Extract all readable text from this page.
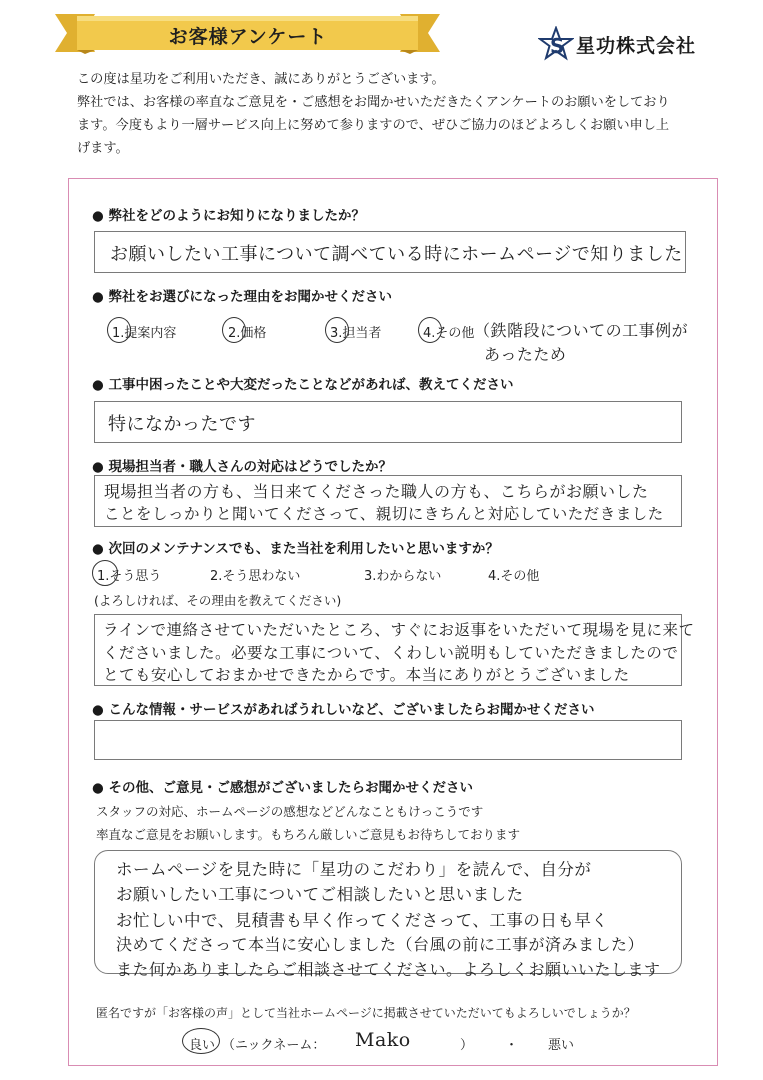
お客様アンケート	S 星功株式会社

この度は星功をご利用いただき、誠にありがとうございます。

弊社では、お客様の率直なご意見を・ご感想をお聞かせいただきたくアンケートのお願いをしており

ます。今度もより一層サービス向上に努めて参りますので、ぜひご協力のほどよろしくお願い申し上

げます。

● 弊社をどのようにお知りになりましたか？
お願いしたい工事について調べている時にホームページで知りました
● 弊社をお選びになった理由をお聞かせください
1.提案内容	2.価格	3.担当者	4.その他 （鉄階段についての工事例が
あったため
● 工事中困ったことや大変だったことなどがあれば、教えてください
特になかったです
● 現場担当者・職人さんの対応はどうでしたか？
現場担当者の方も、当日来てくださった職人の方も、こちらがお願いした
ことをしっかりと聞いてくださって、親切にきちんと対応していただきました
● 次回のメンテナンスでも、また当社を利用したいと思いますか？
1.そう思う	2.そう思わない	3.わからない	4.その他
(よろしければ、その理由を教えてください)
ラインで連絡させていただいたところ、すぐにお返事をいただいて現場を見に来て
くださいました。必要な工事について、くわしい説明もしていただきましたので
とても安心しておまかせできたからです。本当にありがとうございました
● こんな情報・サービスがあればうれしいなど、ございましたらお聞かせください
● その他、ご意見・ご感想がございましたらお聞かせください
スタッフの対応、ホームページの感想などどんなこともけっこうです
率直なご意見をお願いします。もちろん厳しいご意見もお待ちしております
ホームページを見た時に「星功のこだわり」を読んで、自分が
お願いしたい工事についてご相談したいと思いました
お忙しい中で、見積書も早く作ってくださって、工事の日も早く
決めてくださって本当に安心しました（台風の前に工事が済みました）
また何かありましたらご相談させてください。よろしくお願いいたします
匿名ですが「お客様の声」として当社ホームページに掲載させていただいてもよろしいでしょうか？
良い （ニックネーム： Mako	） ・ 悪い
